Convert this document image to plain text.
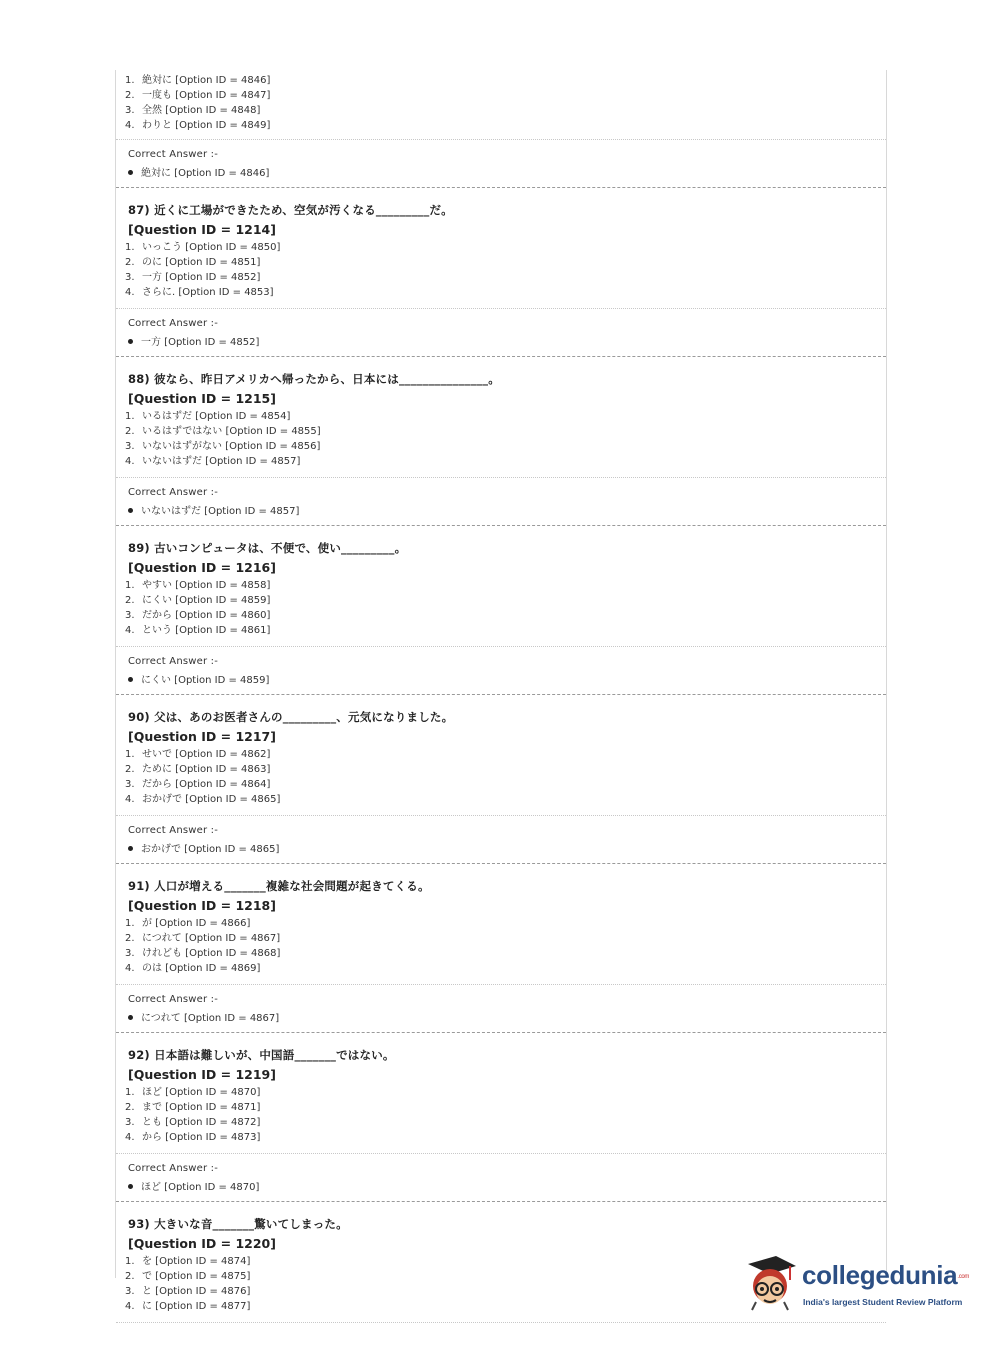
1. 絶対に [Option ID = 4846]
2. 一度も [Option ID = 4847]
3. 全然 [Option ID = 4848]
4. わりと [Option ID = 4849]
Correct Answer :-
絶対に [Option ID = 4846]
87) 近くに工場ができたため、空気が汚くなる_________だ。
[Question ID = 1214]
1. いっこう [Option ID = 4850]
2. のに [Option ID = 4851]
3. 一方 [Option ID = 4852]
4. さらに. [Option ID = 4853]
Correct Answer :-
一方 [Option ID = 4852]
88) 彼なら、昨日アメリカへ帰ったから、日本には_______________。
[Question ID = 1215]
1. いるはずだ [Option ID = 4854]
2. いるはずではない [Option ID = 4855]
3. いないはずがない [Option ID = 4856]
4. いないはずだ [Option ID = 4857]
Correct Answer :-
いないはずだ [Option ID = 4857]
89) 古いコンピュータは、不便で、使い_________。
[Question ID = 1216]
1. やすい [Option ID = 4858]
2. にくい [Option ID = 4859]
3. だから [Option ID = 4860]
4. という [Option ID = 4861]
Correct Answer :-
にくい [Option ID = 4859]
90) 父は、あのお医者さんの_________、元気になりました。
[Question ID = 1217]
1. せいで [Option ID = 4862]
2. ために [Option ID = 4863]
3. だから [Option ID = 4864]
4. おかげで [Option ID = 4865]
Correct Answer :-
おかげで [Option ID = 4865]
91) 人口が増える_______複雑な社会問題が起きてくる。
[Question ID = 1218]
1. が [Option ID = 4866]
2. につれて [Option ID = 4867]
3. けれども [Option ID = 4868]
4. のは [Option ID = 4869]
Correct Answer :-
につれて [Option ID = 4867]
92) 日本語は難しいが、中国語_______ではない。
[Question ID = 1219]
1. ほど [Option ID = 4870]
2. まで [Option ID = 4871]
3. とも [Option ID = 4872]
4. から [Option ID = 4873]
Correct Answer :-
ほど [Option ID = 4870]
93) 大きいな音_______驚いてしまった。
[Question ID = 1220]
1. を [Option ID = 4874]
2. で [Option ID = 4875]
3. と [Option ID = 4876]
4. に [Option ID = 4877]
collegedunia$^{.com}$
India's largest Student Review Platform
